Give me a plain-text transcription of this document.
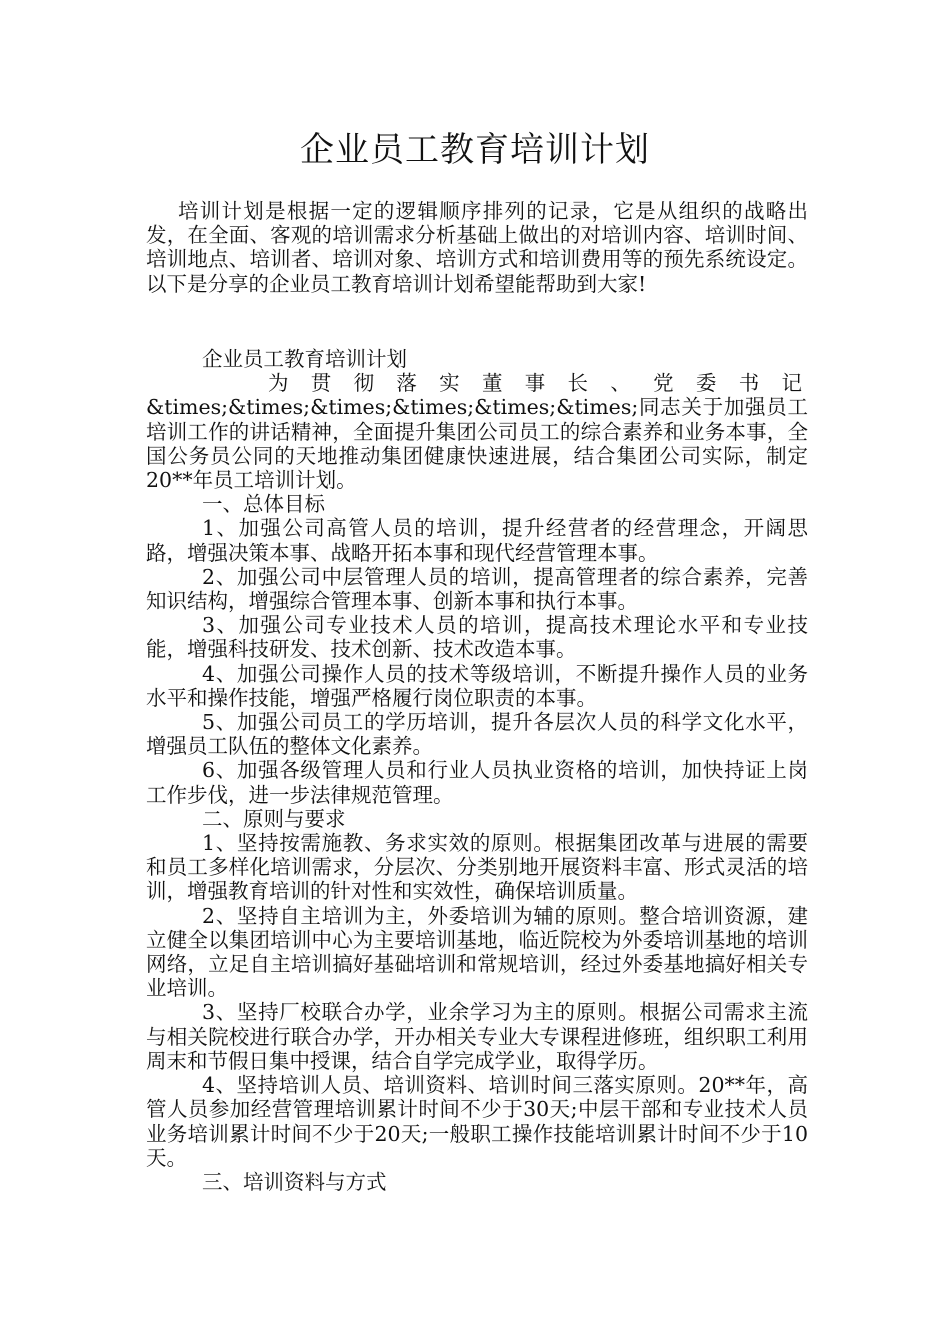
企业员工教育培训计划
培训计划是根据一定的逻辑顺序排列的记录，它是从组织的战略出发，在全面、客观的培训需求分析基础上做出的对培训内容、培训时间、培训地点、培训者、培训对象、培训方式和培训费用等的预先系统设定。以下是分享的企业员工教育培训计划希望能帮助到大家!

企业员工教育培训计划

为贯彻落实董事长、党委书记

&times;&times;&times;&times;&times;&times;同志关于加强员工培训工作的讲话精神，全面提升集团公司员工的综合素养和业务本事，全国公务员公同的天地推动集团健康快速进展，结合集团公司实际，制定20**年员工培训计划。

一、总体目标

1、加强公司高管人员的培训，提升经营者的经营理念，开阔思路，增强决策本事、战略开拓本事和现代经营管理本事。

2、加强公司中层管理人员的培训，提高管理者的综合素养，完善知识结构，增强综合管理本事、创新本事和执行本事。

3、加强公司专业技术人员的培训，提高技术理论水平和专业技能，增强科技研发、技术创新、技术改造本事。

4、加强公司操作人员的技术等级培训，不断提升操作人员的业务水平和操作技能，增强严格履行岗位职责的本事。

5、加强公司员工的学历培训，提升各层次人员的科学文化水平，增强员工队伍的整体文化素养。

6、加强各级管理人员和行业人员执业资格的培训，加快持证上岗工作步伐，进一步法律规范管理。

二、原则与要求

1、坚持按需施教、务求实效的原则。根据集团改革与进展的需要和员工多样化培训需求，分层次、分类别地开展资料丰富、形式灵活的培训，增强教育培训的针对性和实效性，确保培训质量。

2、坚持自主培训为主，外委培训为辅的原则。整合培训资源，建立健全以集团培训中心为主要培训基地，临近院校为外委培训基地的培训网络，立足自主培训搞好基础培训和常规培训，经过外委基地搞好相关专业培训。

3、坚持厂校联合办学，业余学习为主的原则。根据公司需求主流与相关院校进行联合办学，开办相关专业大专课程进修班，组织职工利用周末和节假日集中授课，结合自学完成学业，取得学历。

4、坚持培训人员、培训资料、培训时间三落实原则。20**年，高管人员参加经营管理培训累计时间不少于30天;中层干部和专业技术人员业务培训累计时间不少于20天;一般职工操作技能培训累计时间不少于10天。

三、培训资料与方式
